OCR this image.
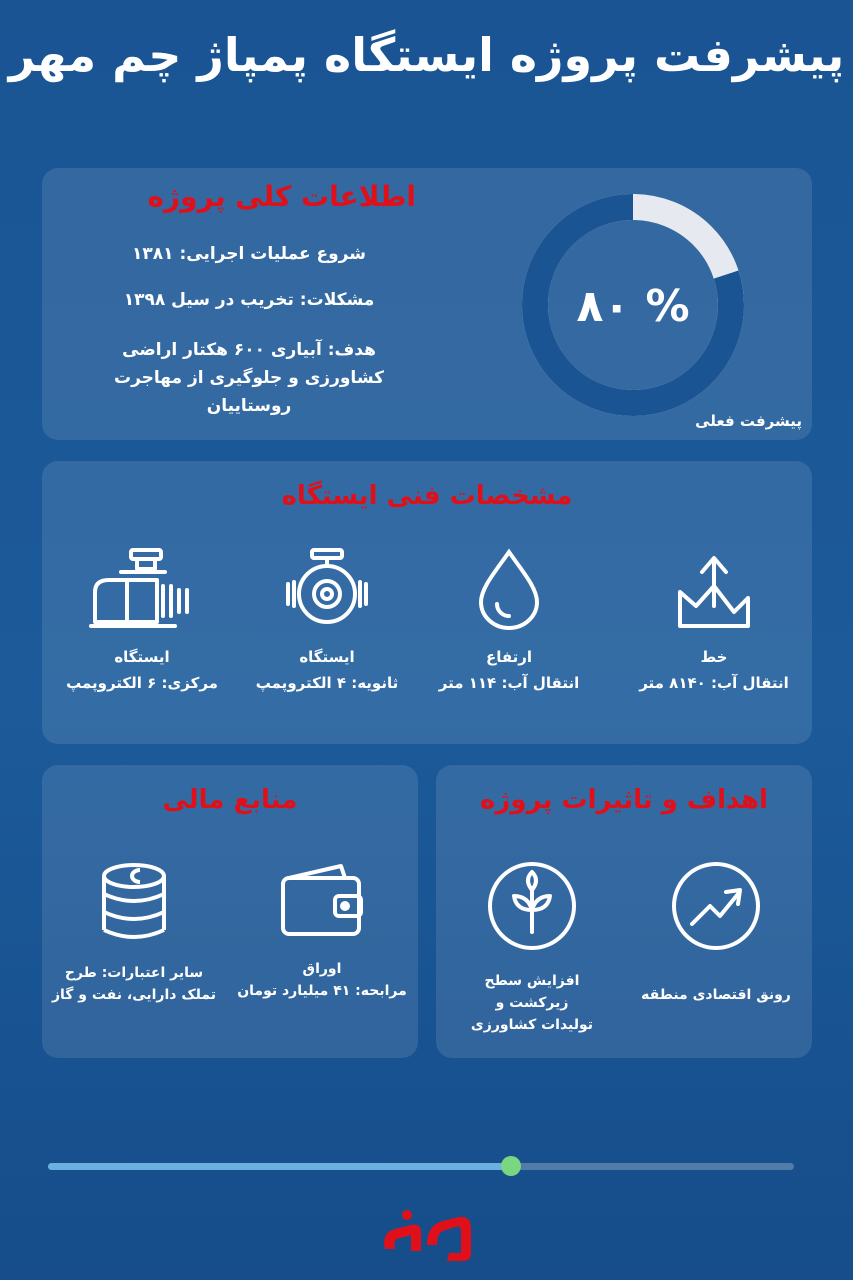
پیشرفت پروژه ایستگاه پمپاژ چم مهر
اطلاعات کلی پروژه
شروع عملیات اجرایی: ۱۳۸۱
مشکلات: تخریب در سیل ۱۳۹۸
هدف: آبیاری ۶۰۰ هکتار اراضی کشاورزی و جلوگیری از مهاجرت روستاییان
۸۰ %
پیشرفت فعلی
مشخصات فنی ایستگاه
خط
انتقال آب: ۸۱۴۰ متر
ارتفاع
انتقال آب: ۱۱۴ متر
ایستگاه
ثانویه: ۴ الکتروپمپ
ایستگاه
مرکزی: ۶ الکتروپمپ
منابع مالی
اوراق
مرابحه: ۴۱ میلیارد تومان
سایر اعتبارات: طرح
تملک دارایی، نفت و گاز
اهداف و تاثیرات پروژه
رونق اقتصادی منطقه
افزایش سطح
زیرکشت و
تولیدات کشاورزی
